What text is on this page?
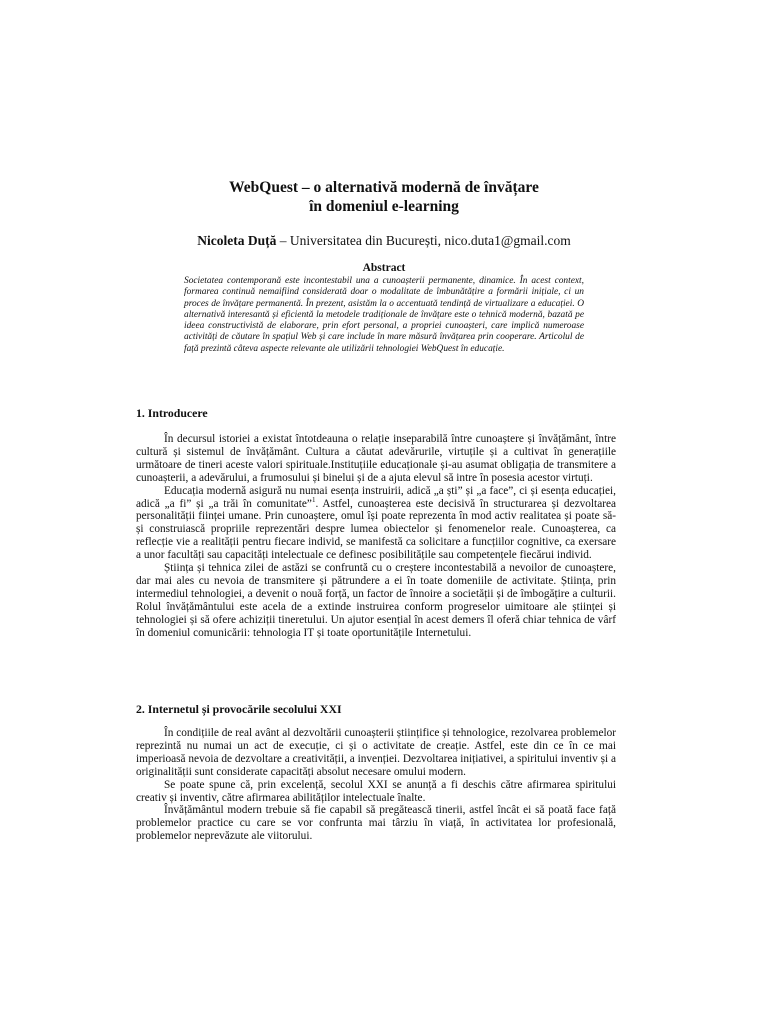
WebQuest – o alternativă modernă de învățare
în domeniul e-learning
Nicoleta Duță – Universitatea din București, nico.duta1@gmail.com
Abstract
Societatea contemporană este incontestabil una a cunoașterii permanente, dinamice. În acest context, formarea continuă nemaifiind considerată doar o modalitate de îmbunătățire a formării inițiale, ci un proces de învățare permanentă. În prezent, asistăm la o accentuată tendință de virtualizare a educației. O alternativă interesantă și eficientă la metodele tradiționale de învățare este o tehnică modernă, bazată pe ideea constructivistă de elaborare, prin efort personal, a propriei cunoașteri, care implică numeroase activități de căutare în spațiul Web și care include în mare măsură învățarea prin cooperare. Articolul de față prezintă câteva aspecte relevante ale utilizării tehnologiei WebQuest în educație.
1. Introducere

În decursul istoriei a existat întotdeauna o relație inseparabilă între cunoaștere și învățământ, între cultură și sistemul de învățământ. Cultura a căutat adevărurile, virtuțile și a cultivat în generațiile următoare de tineri aceste valori spirituale.Instituțiile educaționale și-au asumat obligația de transmitere a cunoașterii, a adevărului, a frumosului și binelui și de a ajuta elevul să intre în posesia acestor virtuți.

Educația modernă asigură nu numai esența instruirii, adică „a ști” și „a face”, ci și esența educației, adică „a fi” și „a trăi în comunitate”$^1$. Astfel, cunoașterea este decisivă în structurarea și dezvoltarea personalității ființei umane. Prin cunoaștere, omul își poate reprezenta în mod activ realitatea și poate să-și construiască propriile reprezentări despre lumea obiectelor și fenomenelor reale. Cunoașterea, ca reflecție vie a realității pentru fiecare individ, se manifestă ca solicitare a funcțiilor cognitive, ca exersare a unor facultăți sau capacități intelectuale ce definesc posibilitățile sau competențele fiecărui individ.

Știința și tehnica zilei de astăzi se confruntă cu o creștere incontestabilă a nevoilor de cunoaștere, dar mai ales cu nevoia de transmitere și pătrundere a ei în toate domeniile de activitate. Știința, prin intermediul tehnologiei, a devenit o nouă forță, un factor de înnoire a societății și de îmbogățire a culturii. Rolul învățământului este acela de a extinde instruirea conform progreselor uimitoare ale științei și tehnologiei și să ofere achiziții tineretului. Un ajutor esențial în acest demers îl oferă chiar tehnica de vârf în domeniul comunicării: tehnologia IT și toate oportunitățile Internetului.

2. Internetul și provocările secolului XXI

În condițiile de real avânt al dezvoltării cunoașterii științifice și tehnologice, rezolvarea problemelor reprezintă nu numai un act de execuție, ci și o activitate de creație. Astfel, este din ce în ce mai imperioasă nevoia de dezvoltare a creativității, a invenției. Dezvoltarea inițiativei, a spiritului inventiv și a originalității sunt considerate capacități absolut necesare omului modern.

Se poate spune că, prin excelență, secolul XXI se anunță a fi deschis către afirmarea spiritului creativ și inventiv, către afirmarea abilităților intelectuale înalte.

Învățământul modern trebuie să fie capabil să pregătească tinerii, astfel încât ei să poată face față problemelor practice cu care se vor confrunta mai târziu în viață, în activitatea lor profesională, problemelor neprevăzute ale viitorului.
